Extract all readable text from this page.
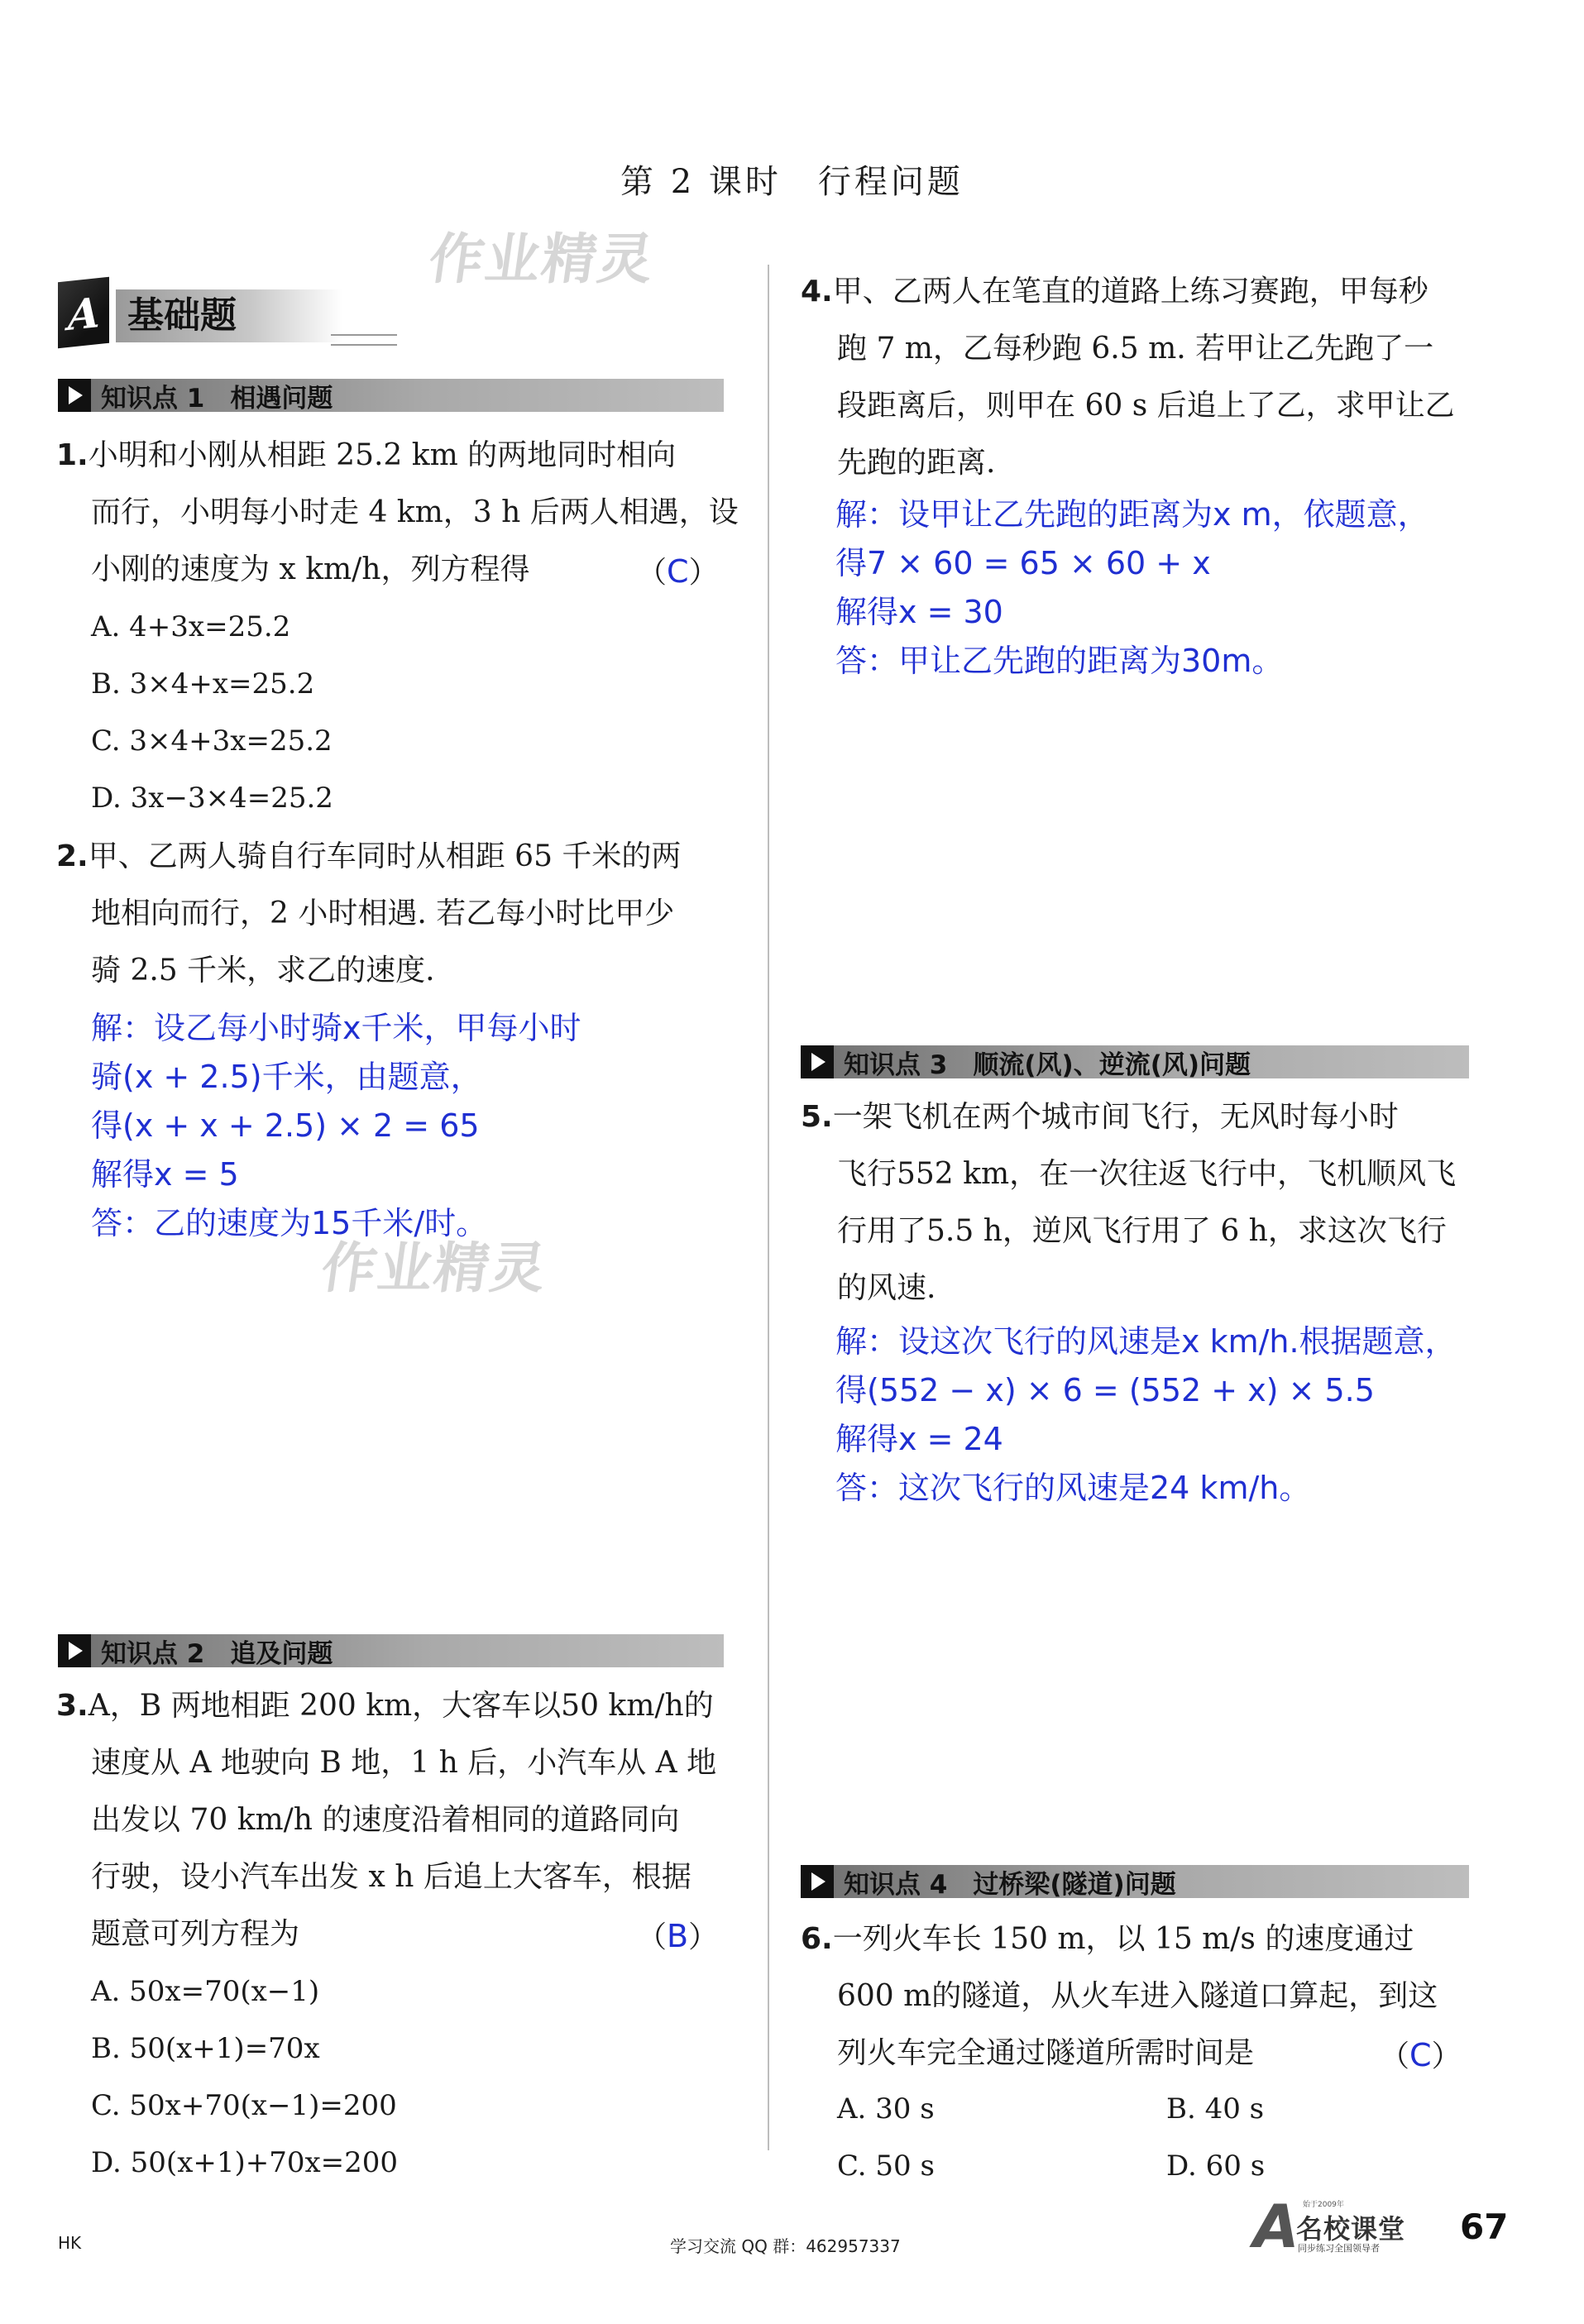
第 2 课时　行程问题
作业精灵
作业精灵
A 基础题
知识点 1　相遇问题
1.小明和小刚从相距 25.2 km 的两地同时相向
而行，小明每小时走 4 km，3 h 后两人相遇，设
小刚的速度为 x km/h，列方程得	（C）
A. 4+3x=25.2
B. 3×4+x=25.2
C. 3×4+3x=25.2
D. 3x−3×4=25.2
2.甲、乙两人骑自行车同时从相距 65 千米的两
地相向而行，2 小时相遇. 若乙每小时比甲少
骑 2.5 千米，求乙的速度.
解：设乙每小时骑x千米，甲每小时
骑(x + 2.5)千米，由题意，
得(x + x + 2.5) × 2 = 65
解得x = 5
答：乙的速度为15千米/时。
知识点 2　追及问题
3.A，B 两地相距 200 km，大客车以50 km/h的
速度从 A 地驶向 B 地，1 h 后，小汽车从 A 地
出发以 70 km/h 的速度沿着相同的道路同向
行驶，设小汽车出发 x h 后追上大客车，根据
题意可列方程为	（B）
A. 50x=70(x−1)
B. 50(x+1)=70x
C. 50x+70(x−1)=200
D. 50(x+1)+70x=200
4.甲、乙两人在笔直的道路上练习赛跑，甲每秒
跑 7 m，乙每秒跑 6.5 m. 若甲让乙先跑了一
段距离后，则甲在 60 s 后追上了乙，求甲让乙
先跑的距离.
解：设甲让乙先跑的距离为x m，依题意，
得7 × 60 = 65 × 60 + x
解得x = 30
答：甲让乙先跑的距离为30m。
知识点 3　顺流(风)、逆流(风)问题
5.一架飞机在两个城市间飞行，无风时每小时
飞行552 km，在一次往返飞行中，飞机顺风飞
行用了5.5 h，逆风飞行用了 6 h，求这次飞行
的风速.
解：设这次飞行的风速是x km/h.根据题意，
得(552 − x) × 6 = (552 + x) × 5.5
解得x = 24
答：这次飞行的风速是24 km/h。
知识点 4　过桥梁(隧道)问题
6.一列火车长 150 m，以 15 m/s 的速度通过
600 m的隧道，从火车进入隧道口算起，到这
列火车完全通过隧道所需时间是	（C）
A. 30 s	B. 40 s
C. 50 s	D. 60 s
HK	学习交流 QQ 群：462957337	A 始于2009年
名校课堂
同步练习全国领导者
67
